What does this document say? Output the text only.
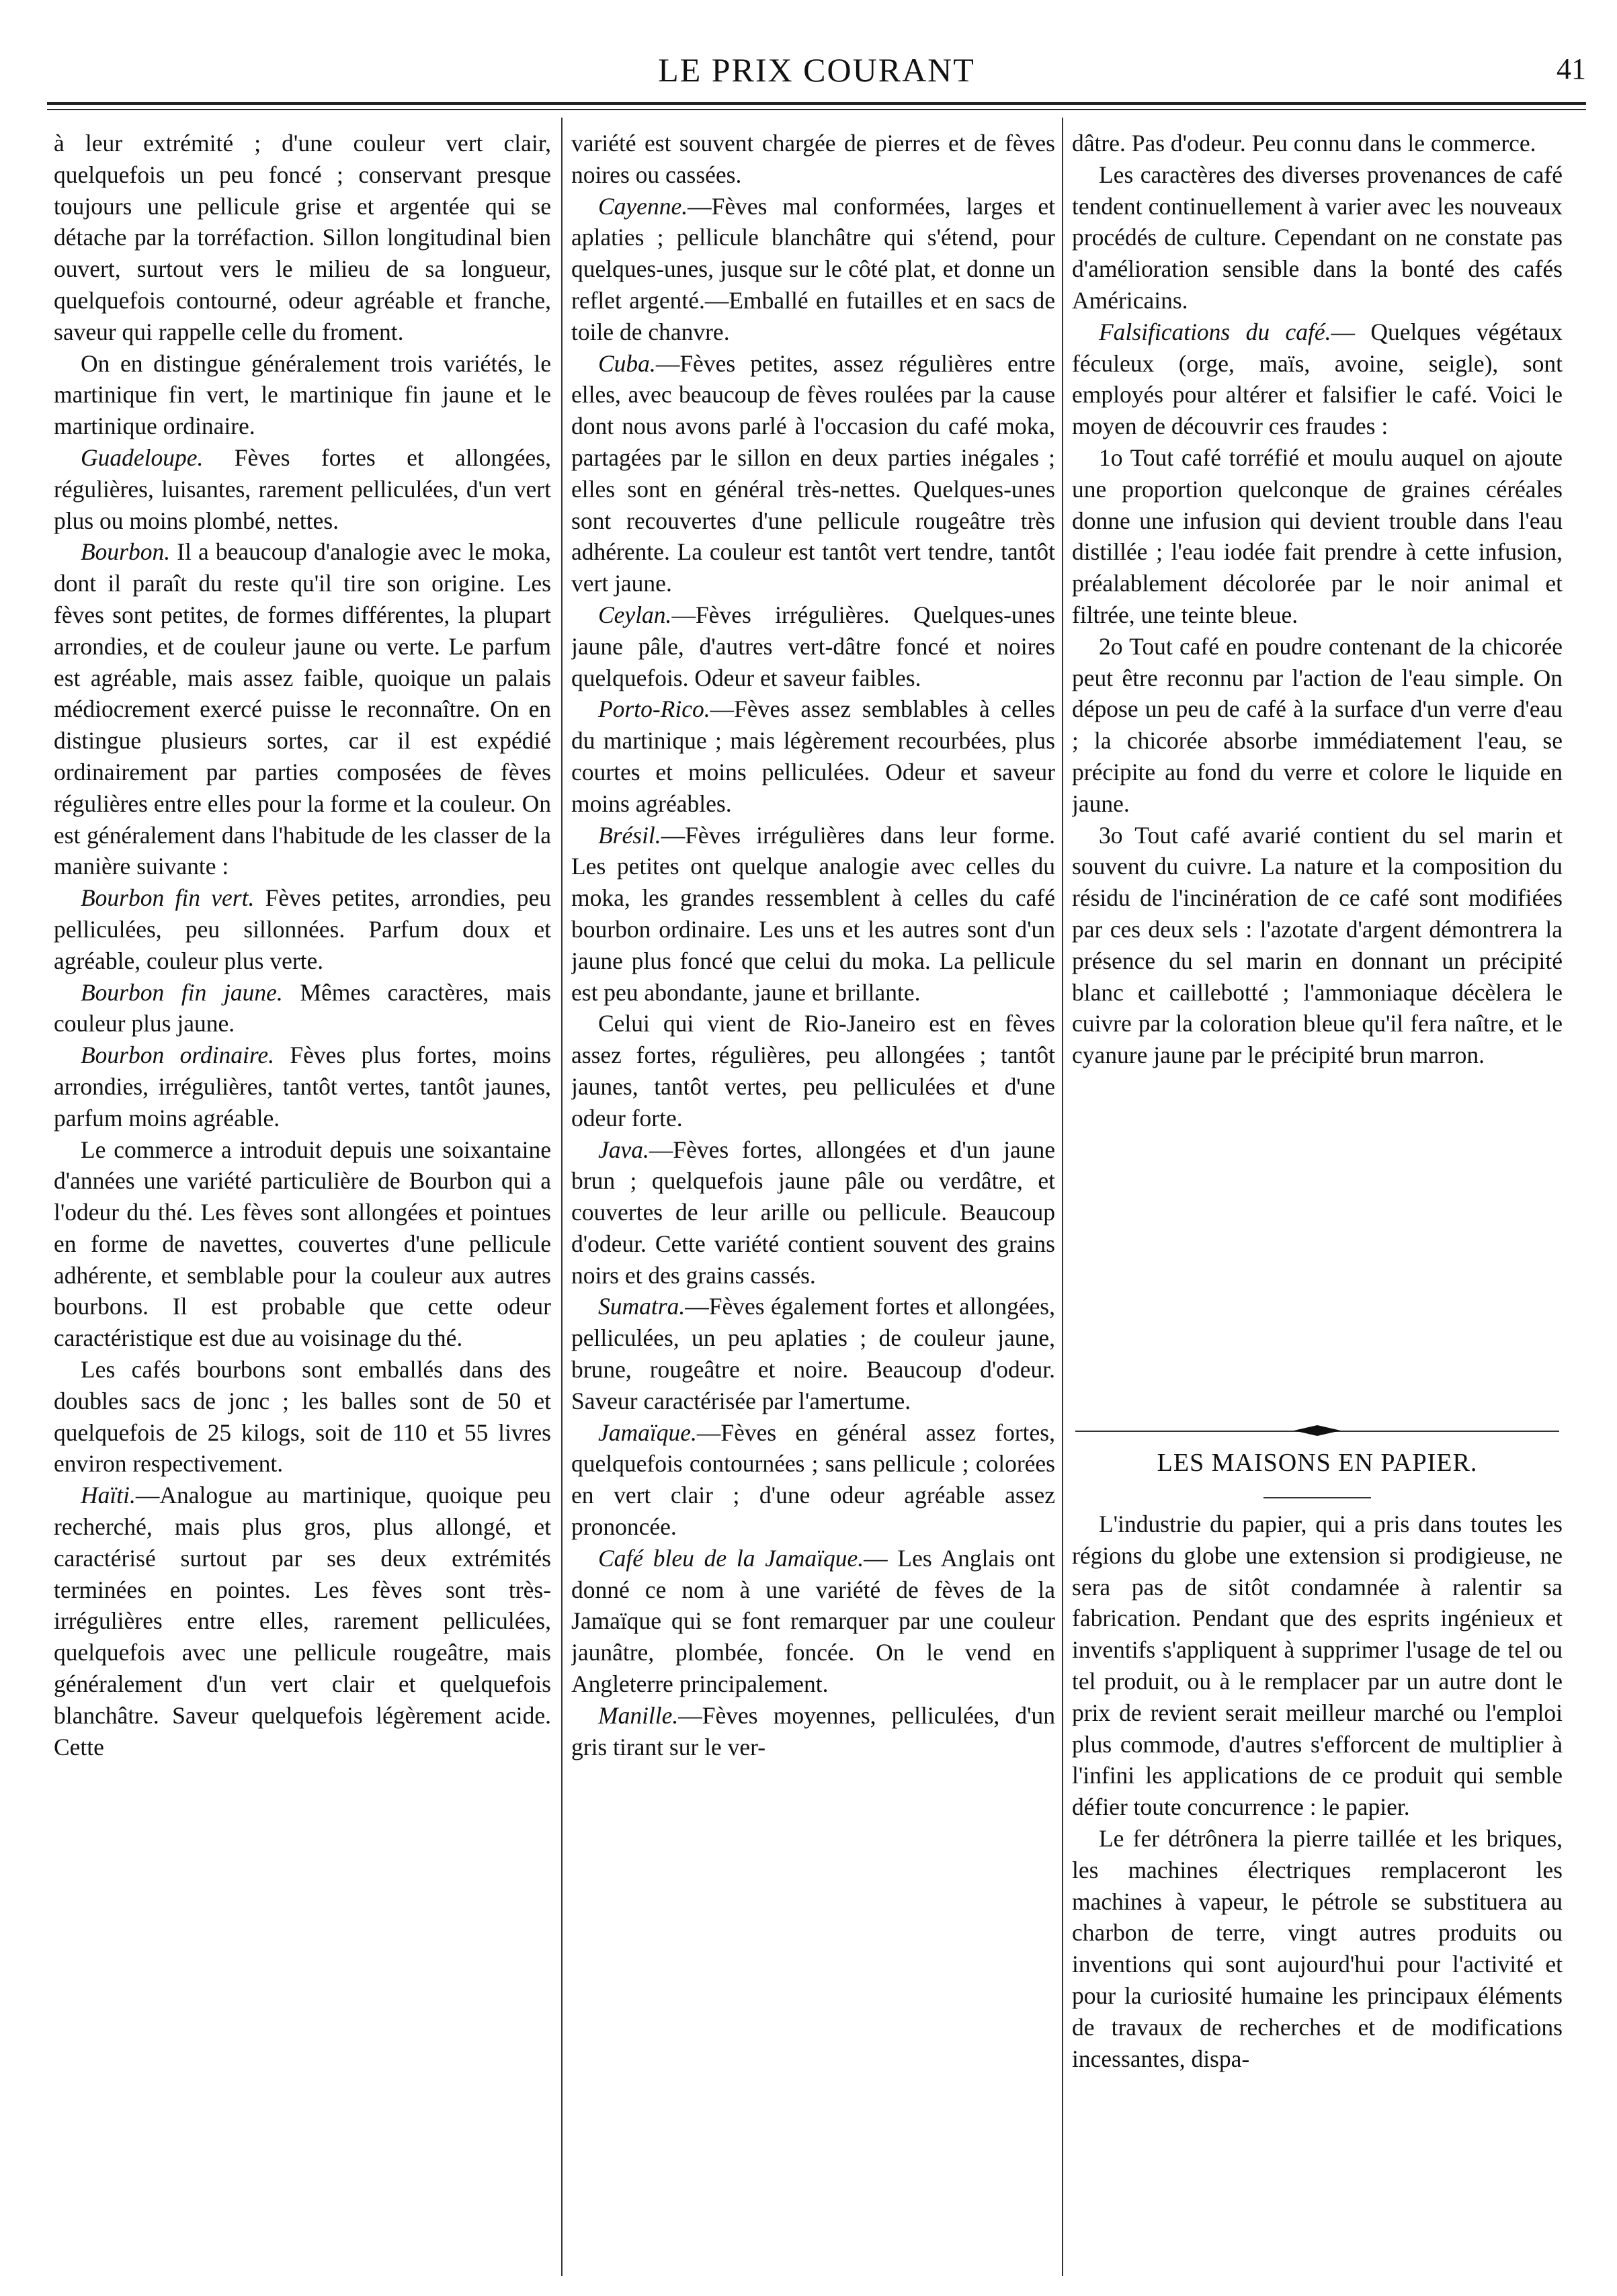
LE PRIX COURANT	41

à leur extrémité ; d'une couleur vert clair, quelquefois un peu foncé ; conservant presque toujours une pellicule grise et argentée qui se détache par la torréfaction. Sillon longitudinal bien ouvert, surtout vers le milieu de sa longueur, quelquefois contourné, odeur agréable et franche, saveur qui rappelle celle du froment.

On en distingue généralement trois variétés, le martinique fin vert, le martinique fin jaune et le martinique ordinaire.

Guadeloupe. Fèves fortes et allongées, régulières, luisantes, rarement pelliculées, d'un vert plus ou moins plombé, nettes.

Bourbon. Il a beaucoup d'analogie avec le moka, dont il paraît du reste qu'il tire son origine. Les fèves sont petites, de formes différentes, la plupart arrondies, et de couleur jaune ou verte. Le parfum est agréable, mais assez faible, quoique un palais médiocrement exercé puisse le reconnaître. On en distingue plusieurs sortes, car il est expédié ordinairement par parties composées de fèves régulières entre elles pour la forme et la couleur. On est généralement dans l'habitude de les classer de la manière suivante :

Bourbon fin vert. Fèves petites, arrondies, peu pelliculées, peu sillonnées. Parfum doux et agréable, couleur plus verte.

Bourbon fin jaune. Mêmes caractères, mais couleur plus jaune.

Bourbon ordinaire. Fèves plus fortes, moins arrondies, irrégulières, tantôt vertes, tantôt jaunes, parfum moins agréable.

Le commerce a introduit depuis une soixantaine d'années une variété particulière de Bourbon qui a l'odeur du thé. Les fèves sont allongées et pointues en forme de navettes, couvertes d'une pellicule adhérente, et semblable pour la couleur aux autres bourbons. Il est probable que cette odeur caractéristique est due au voisinage du thé.

Les cafés bourbons sont emballés dans des doubles sacs de jonc ; les balles sont de 50 et quelquefois de 25 kilogs, soit de 110 et 55 livres environ respectivement.

Haïti.—Analogue au martinique, quoique peu recherché, mais plus gros, plus allongé, et caractérisé surtout par ses deux extrémités terminées en pointes. Les fèves sont très-irrégulières entre elles, rarement pelliculées, quelquefois avec une pellicule rougeâtre, mais généralement d'un vert clair et quelquefois blanchâtre. Saveur quelquefois légèrement acide. Cette

variété est souvent chargée de pierres et de fèves noires ou cassées.

Cayenne.—Fèves mal conformées, larges et aplaties ; pellicule blanchâtre qui s'étend, pour quelques-unes, jusque sur le côté plat, et donne un reflet argenté.—Emballé en futailles et en sacs de toile de chanvre.

Cuba.—Fèves petites, assez régulières entre elles, avec beaucoup de fèves roulées par la cause dont nous avons parlé à l'occasion du café moka, partagées par le sillon en deux parties inégales ; elles sont en général très-nettes. Quelques-unes sont recouvertes d'une pellicule rougeâtre très adhérente. La couleur est tantôt vert tendre, tantôt vert jaune.

Ceylan.—Fèves irrégulières. Quelques-unes jaune pâle, d'autres vert-dâtre foncé et noires quelquefois. Odeur et saveur faibles.

Porto-Rico.—Fèves assez semblables à celles du martinique ; mais légèrement recourbées, plus courtes et moins pelliculées. Odeur et saveur moins agréables.

Brésil.—Fèves irrégulières dans leur forme. Les petites ont quelque analogie avec celles du moka, les grandes ressemblent à celles du café bourbon ordinaire. Les uns et les autres sont d'un jaune plus foncé que celui du moka. La pellicule est peu abondante, jaune et brillante.

Celui qui vient de Rio-Janeiro est en fèves assez fortes, régulières, peu allongées ; tantôt jaunes, tantôt vertes, peu pelliculées et d'une odeur forte.

Java.—Fèves fortes, allongées et d'un jaune brun ; quelquefois jaune pâle ou verdâtre, et couvertes de leur arille ou pellicule. Beaucoup d'odeur. Cette variété contient souvent des grains noirs et des grains cassés.

Sumatra.—Fèves également fortes et allongées, pelliculées, un peu aplaties ; de couleur jaune, brune, rougeâtre et noire. Beaucoup d'odeur. Saveur caractérisée par l'amertume.

Jamaïque.—Fèves en général assez fortes, quelquefois contournées ; sans pellicule ; colorées en vert clair ; d'une odeur agréable assez prononcée.

Café bleu de la Jamaïque.— Les Anglais ont donné ce nom à une variété de fèves de la Jamaïque qui se font remarquer par une couleur jaunâtre, plombée, foncée. On le vend en Angleterre principalement.

Manille.—Fèves moyennes, pelliculées, d'un gris tirant sur le ver-

dâtre. Pas d'odeur. Peu connu dans le commerce.

Les caractères des diverses provenances de café tendent continuellement à varier avec les nouveaux procédés de culture. Cependant on ne constate pas d'amélioration sensible dans la bonté des cafés Américains.

Falsifications du café.— Quelques végétaux féculeux (orge, maïs, avoine, seigle), sont employés pour altérer et falsifier le café. Voici le moyen de découvrir ces fraudes :

1o Tout café torréfié et moulu auquel on ajoute une proportion quelconque de graines céréales donne une infusion qui devient trouble dans l'eau distillée ; l'eau iodée fait prendre à cette infusion, préalablement décolorée par le noir animal et filtrée, une teinte bleue.

2o Tout café en poudre contenant de la chicorée peut être reconnu par l'action de l'eau simple. On dépose un peu de café à la surface d'un verre d'eau ; la chicorée absorbe immédiatement l'eau, se précipite au fond du verre et colore le liquide en jaune.

3o Tout café avarié contient du sel marin et souvent du cuivre. La nature et la composition du résidu de l'incinération de ce café sont modifiées par ces deux sels : l'azotate d'argent démontrera la présence du sel marin en donnant un précipité blanc et caillebotté ; l'ammoniaque décèlera le cuivre par la coloration bleue qu'il fera naître, et le cyanure jaune par le précipité brun marron.

LES MAISONS EN PAPIER.

L'industrie du papier, qui a pris dans toutes les régions du globe une extension si prodigieuse, ne sera pas de sitôt condamnée à ralentir sa fabrication. Pendant que des esprits ingénieux et inventifs s'appliquent à supprimer l'usage de tel ou tel produit, ou à le remplacer par un autre dont le prix de revient serait meilleur marché ou l'emploi plus commode, d'autres s'efforcent de multiplier à l'infini les applications de ce produit qui semble défier toute concurrence : le papier.

Le fer détrônera la pierre taillée et les briques, les machines électriques remplaceront les machines à vapeur, le pétrole se substituera au charbon de terre, vingt autres produits ou inventions qui sont aujourd'hui pour l'activité et pour la curiosité humaine les principaux éléments de travaux de recherches et de modifications incessantes, dispa-
